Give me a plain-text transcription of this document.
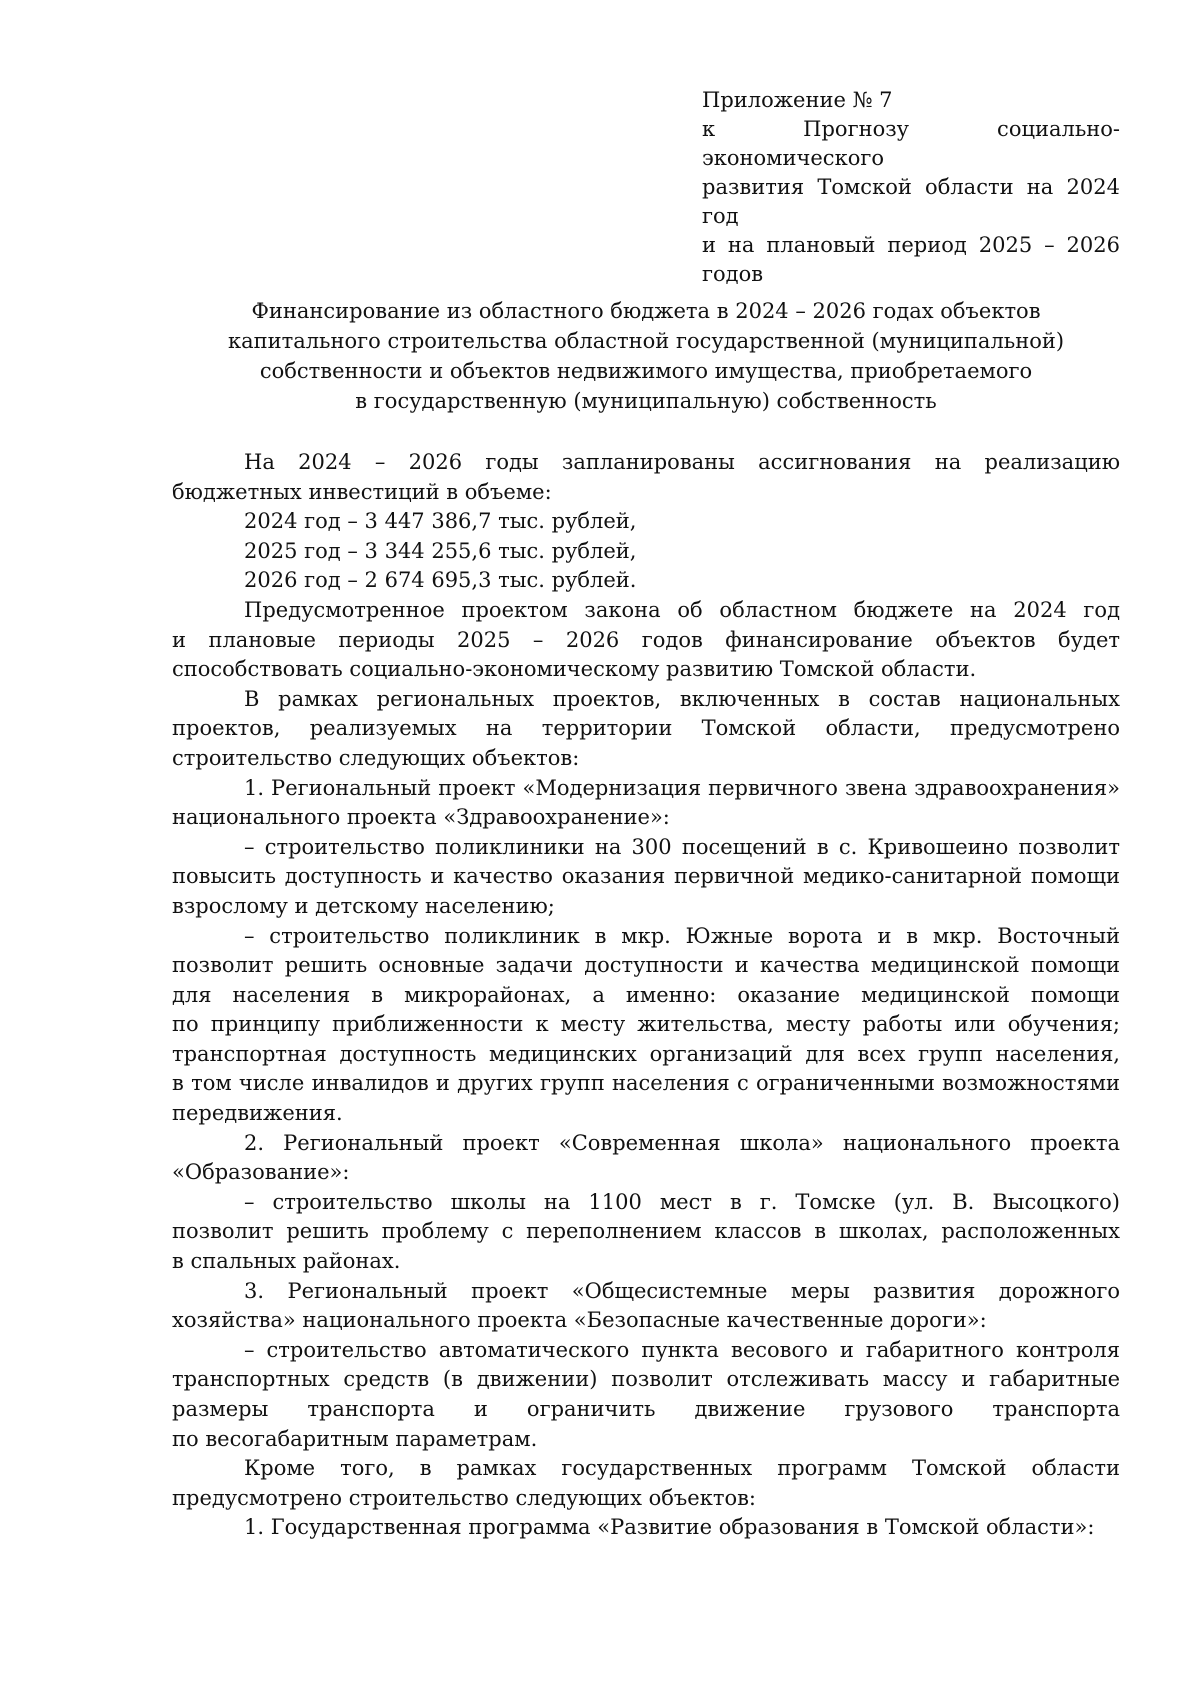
Приложение № 7
к Прогнозу социально-экономического
развития Томской области на 2024 год
и на плановый период 2025 – 2026
годов
Финансирование из областного бюджета в 2024 – 2026 годах объектов
капитального строительства областной государственной (муниципальной)
собственности и объектов недвижимого имущества, приобретаемого
в государственную (муниципальную) собственность
На 2024 – 2026 годы запланированы ассигнования на реализацию
бюджетных инвестиций в объеме:
2024 год – 3 447 386,7 тыс. рублей,
2025 год – 3 344 255,6 тыс. рублей,
2026 год – 2 674 695,3 тыс. рублей.
Предусмотренное проектом закона об областном бюджете на 2024 год
и плановые периоды 2025 – 2026 годов финансирование объектов будет
способствовать социально-экономическому развитию Томской области.
В рамках региональных проектов, включенных в состав национальных
проектов, реализуемых на территории Томской области, предусмотрено
строительство следующих объектов:
1. Региональный проект «Модернизация первичного звена здравоохранения»
национального проекта «Здравоохранение»:
– строительство поликлиники на 300 посещений в с. Кривошеино позволит
повысить доступность и качество оказания первичной медико-санитарной помощи
взрослому и детскому населению;
– строительство поликлиник в мкр. Южные ворота и в мкр. Восточный
позволит решить основные задачи доступности и качества медицинской помощи
для населения в микрорайонах, а именно: оказание медицинской помощи
по принципу приближенности к месту жительства, месту работы или обучения;
транспортная доступность медицинских организаций для всех групп населения,
в том числе инвалидов и других групп населения с ограниченными возможностями
передвижения.
2. Региональный проект «Современная школа» национального проекта
«Образование»:
– строительство школы на 1100 мест в г. Томске (ул. В. Высоцкого)
позволит решить проблему с переполнением классов в школах, расположенных
в спальных районах.
3. Региональный проект «Общесистемные меры развития дорожного
хозяйства» национального проекта «Безопасные качественные дороги»:
– строительство автоматического пункта весового и габаритного контроля
транспортных средств (в движении) позволит отслеживать массу и габаритные
размеры транспорта и ограничить движение грузового транспорта
по весогабаритным параметрам.
Кроме того, в рамках государственных программ Томской области
предусмотрено строительство следующих объектов:
1. Государственная программа «Развитие образования в Томской области»:
